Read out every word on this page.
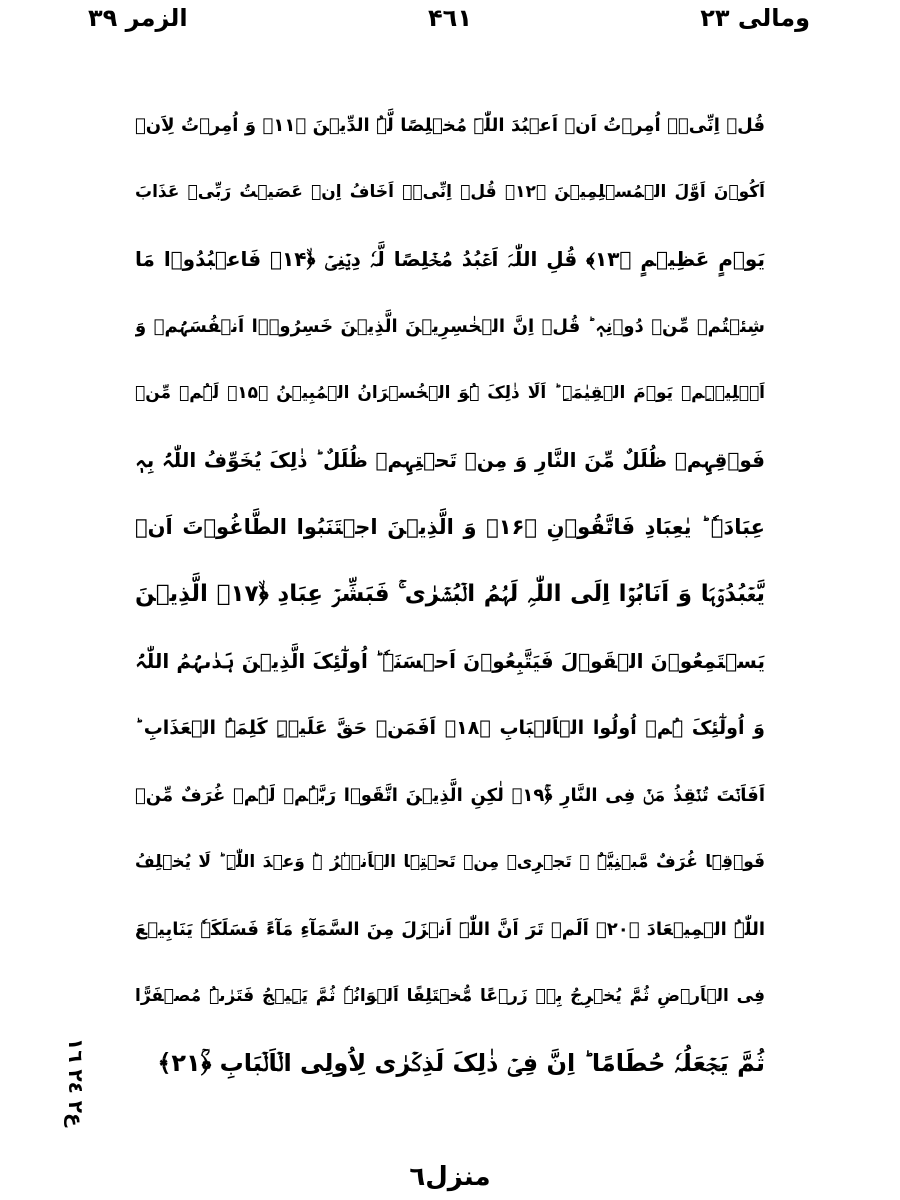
الزمر ٣٩	۴٦١	ومالی ٢٣
قُلۡ اِنِّیۡۤ اُمِرۡتُ اَنۡ اَعۡبُدَ اللّٰہَ مُخۡلِصًا لَّہُ الدِّیۡنَ ﴿۱۱﴾ وَ اُمِرۡتُ لِاَنۡ
اَکُوۡنَ اَوَّلَ الۡمُسۡلِمِیۡنَ ﴿۱۲﴾ قُلۡ اِنِّیۡۤ اَخَافُ اِنۡ عَصَیۡتُ رَبِّیۡ عَذَابَ
یَوۡمٍ عَظِیۡمٍ ﴿۱۳﴾ قُلِ اللّٰہَ اَعۡبُدُ مُخۡلِصًا لَّہٗ دِیۡنِیۡ ﴿ۙ۱۴﴾ فَاعۡبُدُوۡا مَا
شِئۡتُمۡ مِّنۡ دُوۡنِہٖ ؕ قُلۡ اِنَّ الۡخٰسِرِیۡنَ الَّذِیۡنَ خَسِرُوۡۤا اَنۡفُسَہُمۡ وَ
اَہۡلِیۡہِمۡ یَوۡمَ الۡقِیٰمَۃِ ؕ اَلَا ذٰلِکَ ہُوَ الۡخُسۡرَانُ الۡمُبِیۡنُ ﴿۱۵﴾ لَہُمۡ مِّنۡ
فَوۡقِہِمۡ ظُلَلٌ مِّنَ النَّارِ وَ مِنۡ تَحۡتِہِمۡ ظُلَلٌ ؕ ذٰلِکَ یُخَوِّفُ اللّٰہُ بِہٖ
عِبَادَہٗ ؕ یٰعِبَادِ فَاتَّقُوۡنِ ﴿۱۶﴾ وَ الَّذِیۡنَ اجۡتَنَبُوا الطَّاغُوۡتَ اَنۡ
یَّعۡبُدُوۡہَا وَ اَنَابُوۡۤا اِلَی اللّٰہِ لَہُمُ الۡبُشۡرٰی ۚ فَبَشِّرۡ عِبَادِ ﴿ۙ۱۷﴾ الَّذِیۡنَ
یَسۡتَمِعُوۡنَ الۡقَوۡلَ فَیَتَّبِعُوۡنَ اَحۡسَنَہٗ ؕ اُولٰٓئِکَ الَّذِیۡنَ ہَدٰىہُمُ اللّٰہُ
وَ اُولٰٓئِکَ ہُمۡ اُولُوا الۡاَلۡبَابِ ﴿۱۸﴾ اَفَمَنۡ حَقَّ عَلَیۡہِ کَلِمَۃُ الۡعَذَابِ ؕ
اَفَاَنۡتَ تُنۡقِذُ مَنۡ فِی النَّارِ ﴿ۚ۱۹﴾ لٰکِنِ الَّذِیۡنَ اتَّقَوۡا رَبَّہُمۡ لَہُمۡ غُرَفٌ مِّنۡ
فَوۡقِہَا غُرَفٌ مَّبۡنِیَّۃٌ ۙ تَجۡرِیۡ مِنۡ تَحۡتِہَا الۡاَنۡہٰرُ ۬ؕ وَعۡدَ اللّٰہِ ؕ لَا یُخۡلِفُ
اللّٰہُ الۡمِیۡعَادَ ﴿۲۰﴾ اَلَمۡ تَرَ اَنَّ اللّٰہَ اَنۡزَلَ مِنَ السَّمَآءِ مَآءً فَسَلَکَہٗ یَنَابِیۡعَ
فِی الۡاَرۡضِ ثُمَّ یُخۡرِجُ بِہٖ زَرۡعًا مُّخۡتَلِفًا اَلۡوَانُہٗ ثُمَّ یَہِیۡجُ فَتَرٰىہُ مُصۡفَرًّا
ثُمَّ یَجۡعَلُہٗ حُطَامًا ؕ اِنَّ فِیۡ ذٰلِکَ لَذِکۡرٰی لِاُولِی الۡاَلۡبَابِ ﴿ؒ۲۱﴾
ع٢ ٢٤ ١٦
منزل٦
